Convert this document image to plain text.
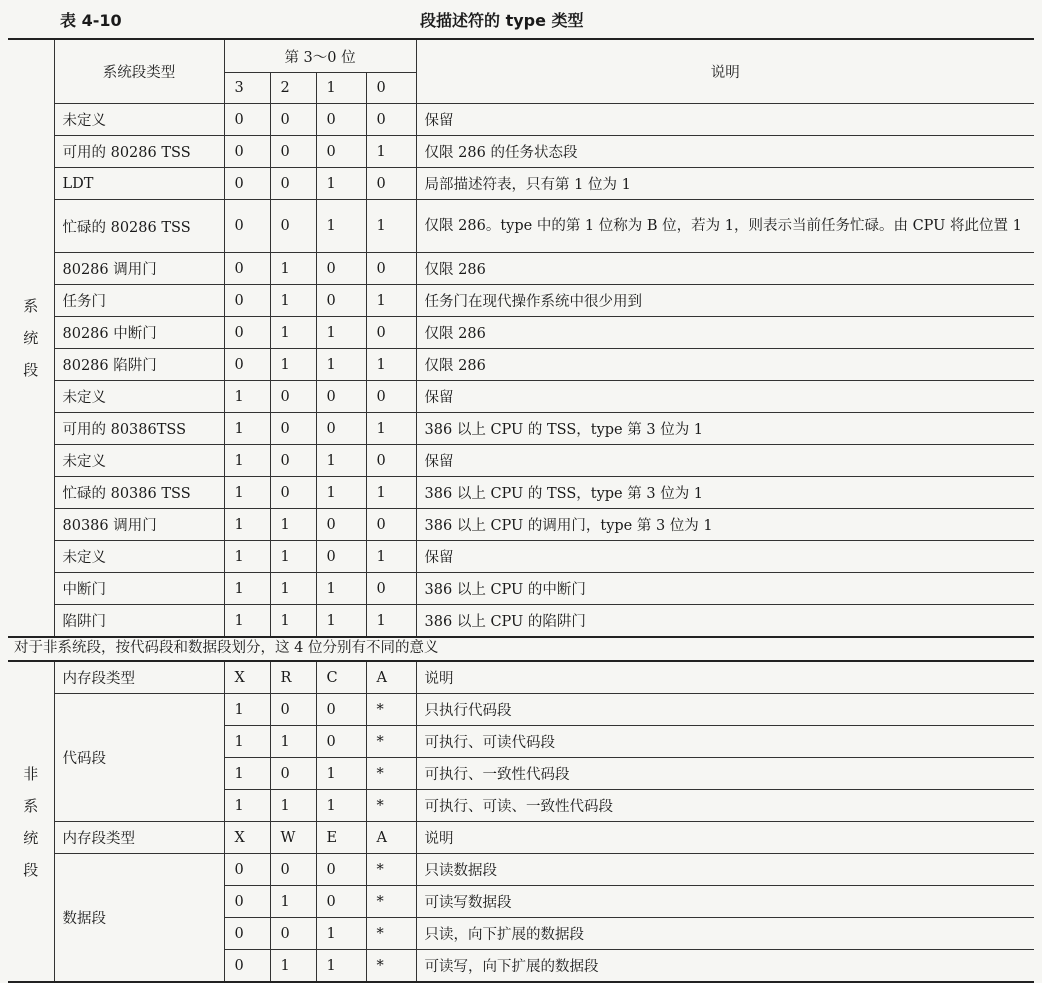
表 4-10	段描述符的 type 类型
系
统
段	系统段类型	第 3～0 位				说明
		3	2	1	0	
	未定义	0	0	0	0	保留
	可用的 80286 TSS	0	0	0	1	仅限 286 的任务状态段
	LDT	0	0	1	0	局部描述符表，只有第 1 位为 1
	忙碌的 80286 TSS	0	0	1	1	仅限 286。type 中的第 1 位称为 B 位，若为 1，则表示当前任务忙碌。由 CPU 将此位置 1
	80286 调用门	0	1	0	0	仅限 286
	任务门	0	1	0	1	任务门在现代操作系统中很少用到
	80286 中断门	0	1	1	0	仅限 286
	80286 陷阱门	0	1	1	1	仅限 286
	未定义	1	0	0	0	保留
	可用的 80386TSS	1	0	0	1	386 以上 CPU 的 TSS，type 第 3 位为 1
	未定义	1	0	1	0	保留
	忙碌的 80386 TSS	1	0	1	1	386 以上 CPU 的 TSS，type 第 3 位为 1
	80386 调用门	1	1	0	0	386 以上 CPU 的调用门，type 第 3 位为 1
	未定义	1	1	0	1	保留
	中断门	1	1	1	0	386 以上 CPU 的中断门
	陷阱门	1	1	1	1	386 以上 CPU 的陷阱门
对于非系统段，按代码段和数据段划分，这 4 位分别有不同的意义
非
系
统
段	内存段类型	X	R	C	A	说明
	代码段	1	0	0	*	只执行代码段
		1	1	0	*	可执行、可读代码段
		1	0	1	*	可执行、一致性代码段
		1	1	1	*	可执行、可读、一致性代码段
	内存段类型	X	W	E	A	说明
	数据段	0	0	0	*	只读数据段
		0	1	0	*	可读写数据段
		0	0	1	*	只读，向下扩展的数据段
		0	1	1	*	可读写，向下扩展的数据段
